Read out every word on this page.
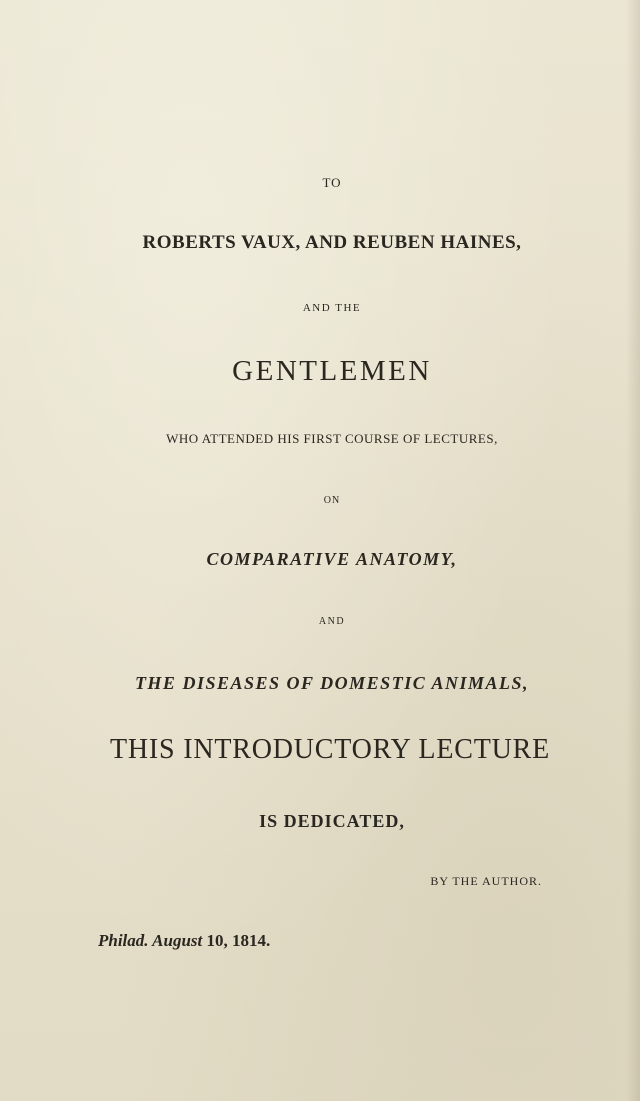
TO
ROBERTS VAUX, AND REUBEN HAINES,
AND THE
GENTLEMEN
WHO ATTENDED HIS FIRST COURSE OF LECTURES,
ON
COMPARATIVE ANATOMY,
AND
THE DISEASES OF DOMESTIC ANIMALS,
THIS INTRODUCTORY LECTURE
IS DEDICATED,
BY THE AUTHOR.
Philad. August 10, 1814.
